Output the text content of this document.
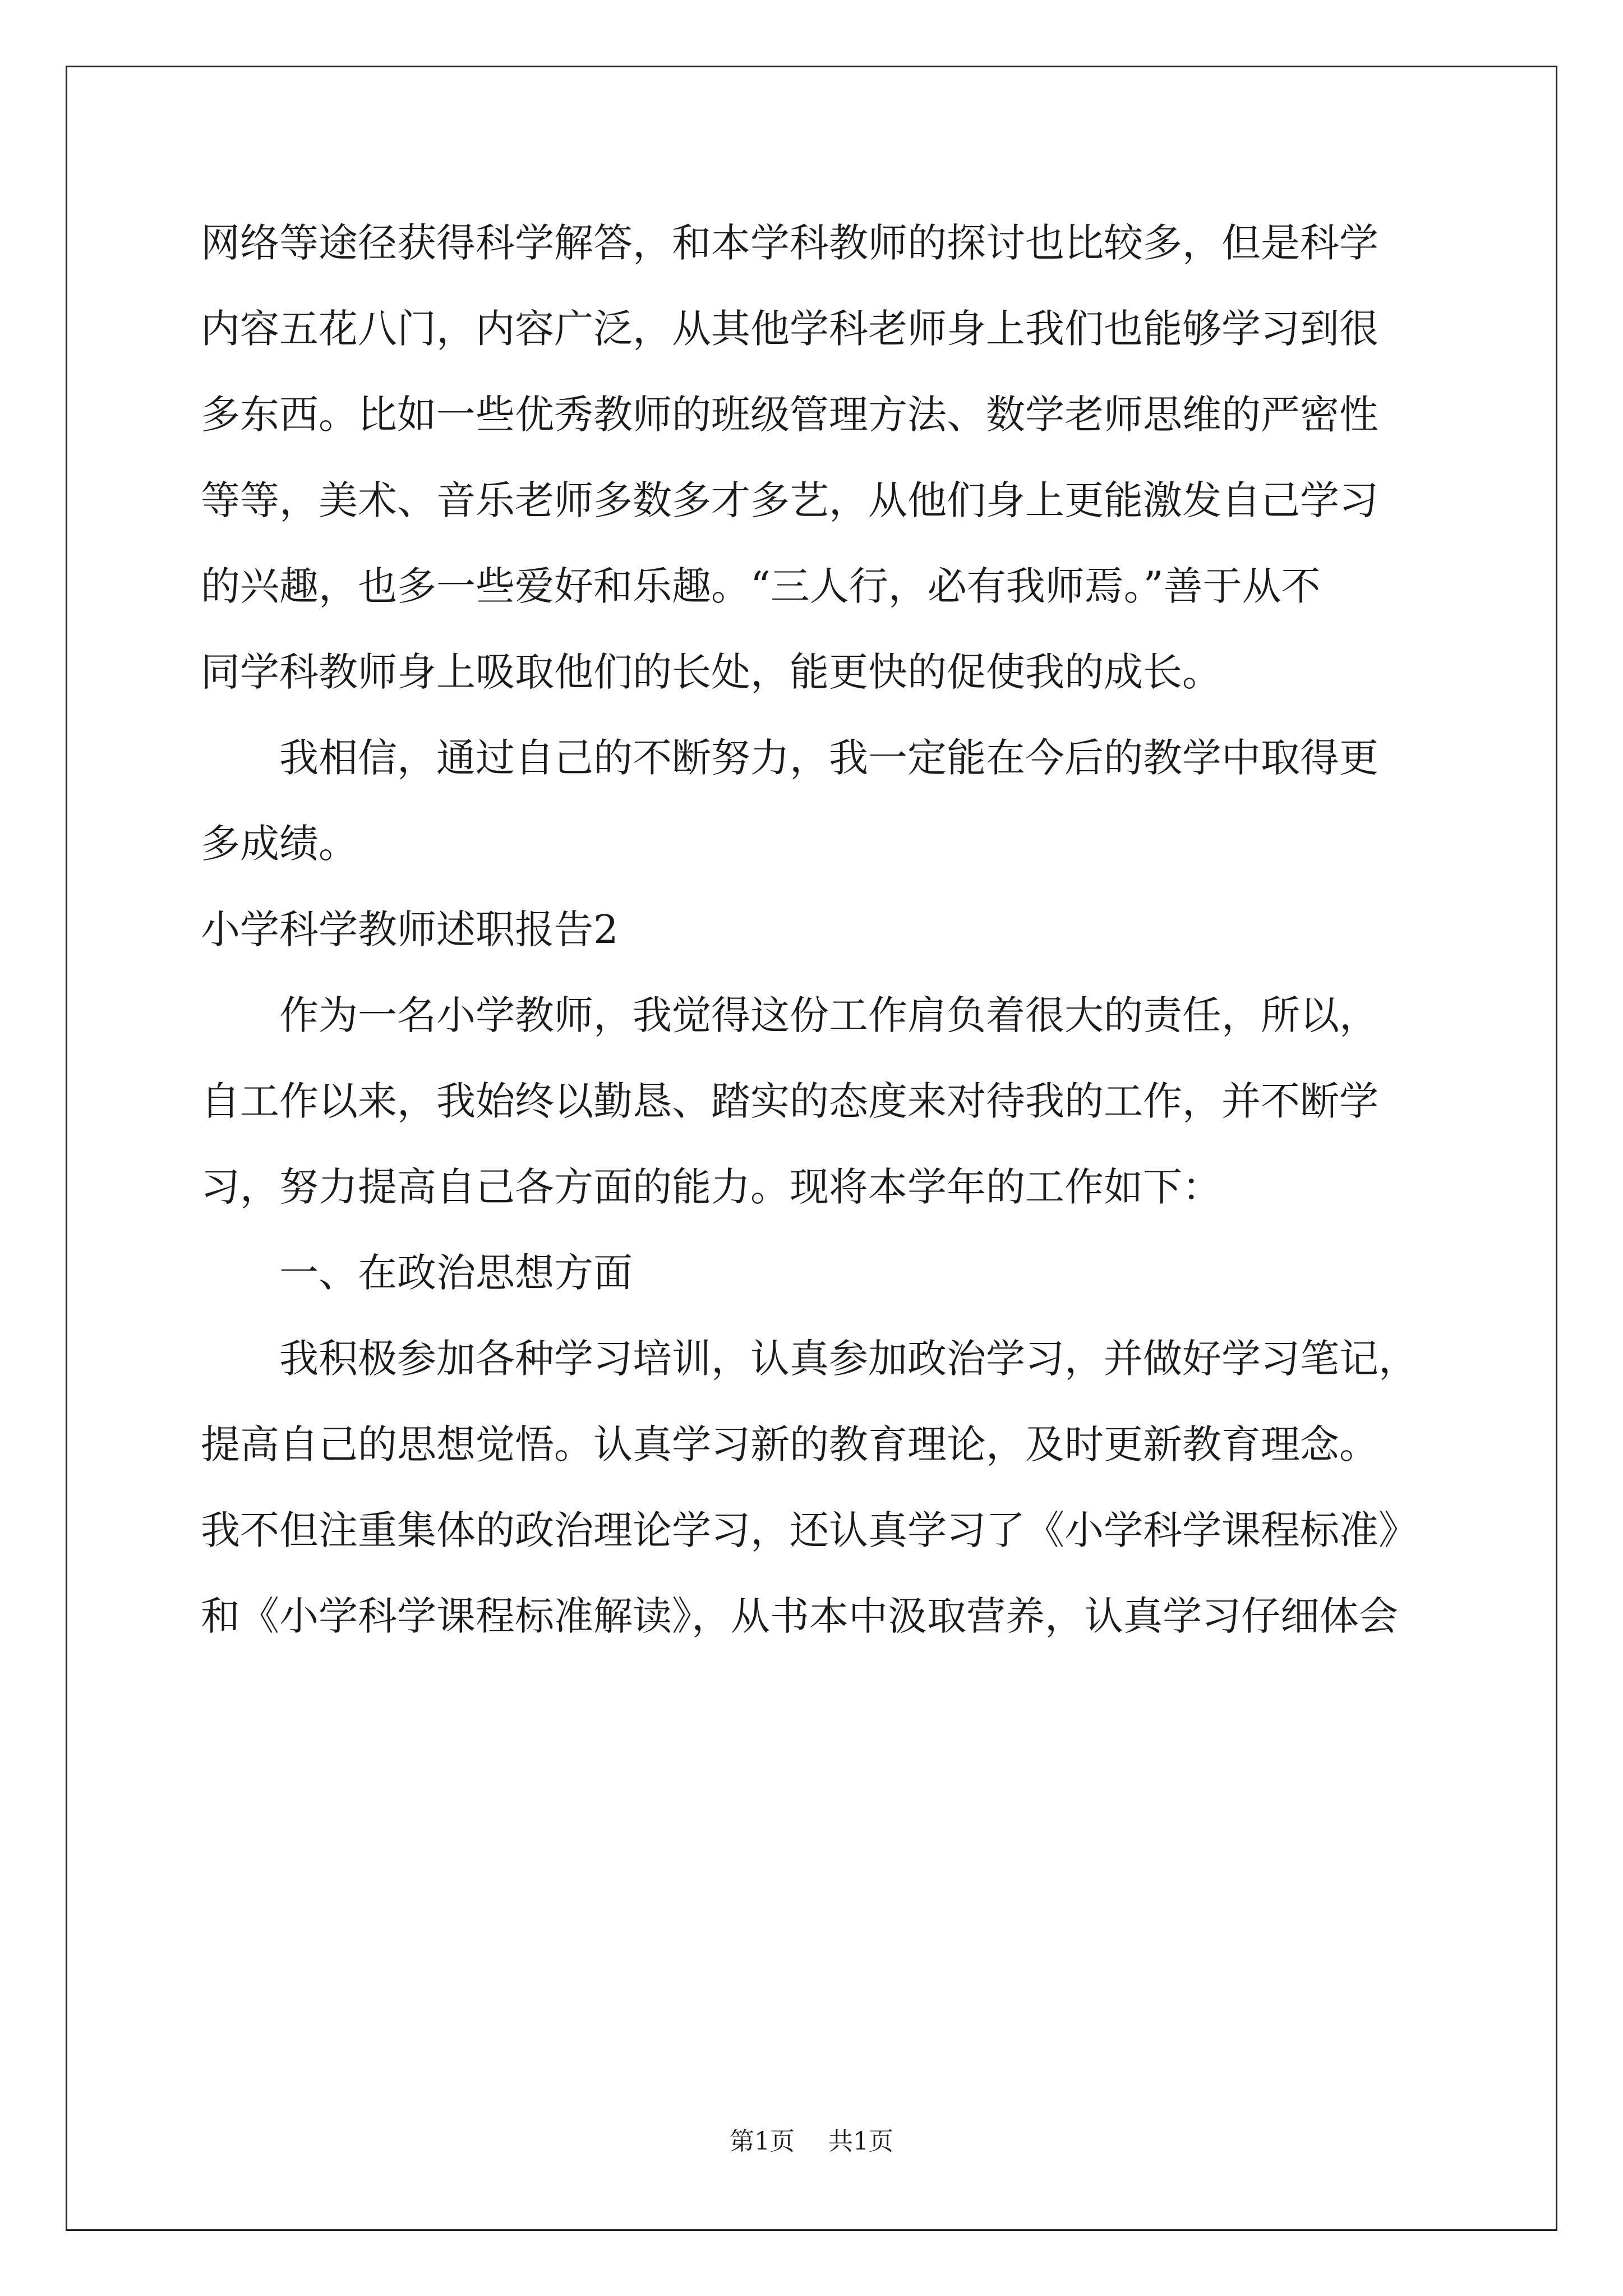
网络等途径获得科学解答，和本学科教师的探讨也比较多，但是科学
内容五花八门，内容广泛，从其他学科老师身上我们也能够学习到很
多东西。比如一些优秀教师的班级管理方法、数学老师思维的严密性
等等，美术、音乐老师多数多才多艺，从他们身上更能激发自己学习
的兴趣，也多一些爱好和乐趣。“三人行，必有我师焉。”善于从不
同学科教师身上吸取他们的长处，能更快的促使我的成长。
　　我相信，通过自己的不断努力，我一定能在今后的教学中取得更
多成绩。
小学科学教师述职报告2
　　作为一名小学教师，我觉得这份工作肩负着很大的责任，所以，
自工作以来，我始终以勤恳、踏实的态度来对待我的工作，并不断学
习，努力提高自己各方面的能力。现将本学年的工作如下：
　　一、在政治思想方面
　　我积极参加各种学习培训，认真参加政治学习，并做好学习笔记，
提高自己的思想觉悟。认真学习新的教育理论，及时更新教育理念。
我不但注重集体的政治理论学习，还认真学习了《小学科学课程标准》
和《小学科学课程标准解读》，从书本中汲取营养，认真学习仔细体会
第1页 共1页
